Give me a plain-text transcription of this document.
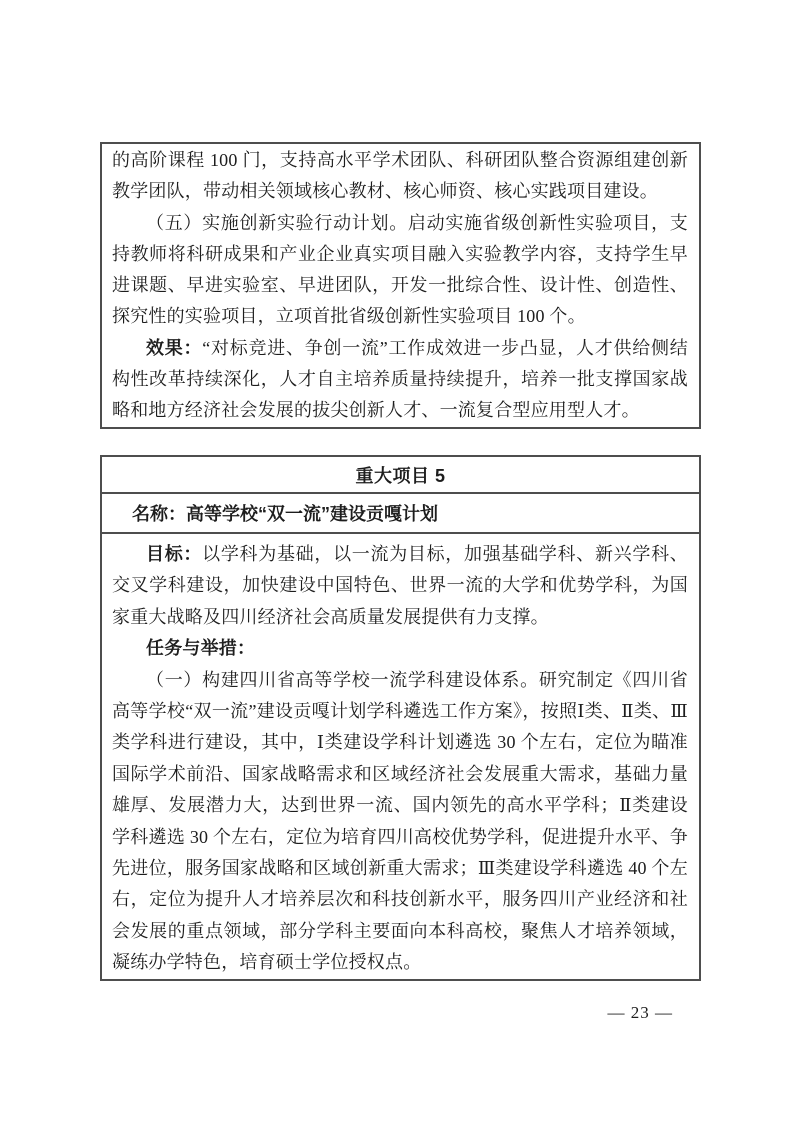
的高阶课程 100 门，支持高水平学术团队、科研团队整合资源组建创新教学团队，带动相关领域核心教材、核心师资、核心实践项目建设。

（五）实施创新实验行动计划。启动实施省级创新性实验项目，支持教师将科研成果和产业企业真实项目融入实验教学内容，支持学生早进课题、早进实验室、早进团队，开发一批综合性、设计性、创造性、探究性的实验项目，立项首批省级创新性实验项目 100 个。

效果：“对标竞进、争创一流”工作成效进一步凸显，人才供给侧结构性改革持续深化，人才自主培养质量持续提升，培养一批支撑国家战略和地方经济社会发展的拔尖创新人才、一流复合型应用型人才。

重大项目 5
名称： 高等学校“双一流”建设贡嘎计划

目标：以学科为基础，以一流为目标，加强基础学科、新兴学科、交叉学科建设，加快建设中国特色、世界一流的大学和优势学科，为国家重大战略及四川经济社会高质量发展提供有力支撑。

任务与举措：

（一）构建四川省高等学校一流学科建设体系。研究制定《四川省高等学校“双一流”建设贡嘎计划学科遴选工作方案》，按照Ⅰ类、Ⅱ类、Ⅲ类学科进行建设，其中，Ⅰ类建设学科计划遴选 30 个左右，定位为瞄准国际学术前沿、国家战略需求和区域经济社会发展重大需求，基础力量雄厚、发展潜力大，达到世界一流、国内领先的高水平学科；Ⅱ类建设学科遴选 30 个左右，定位为培育四川高校优势学科，促进提升水平、争先进位，服务国家战略和区域创新重大需求；Ⅲ类建设学科遴选 40 个左右，定位为提升人才培养层次和科技创新水平，服务四川产业经济和社会发展的重点领域，部分学科主要面向本科高校，聚焦人才培养领域，凝练办学特色，培育硕士学位授权点。

— 23 —
